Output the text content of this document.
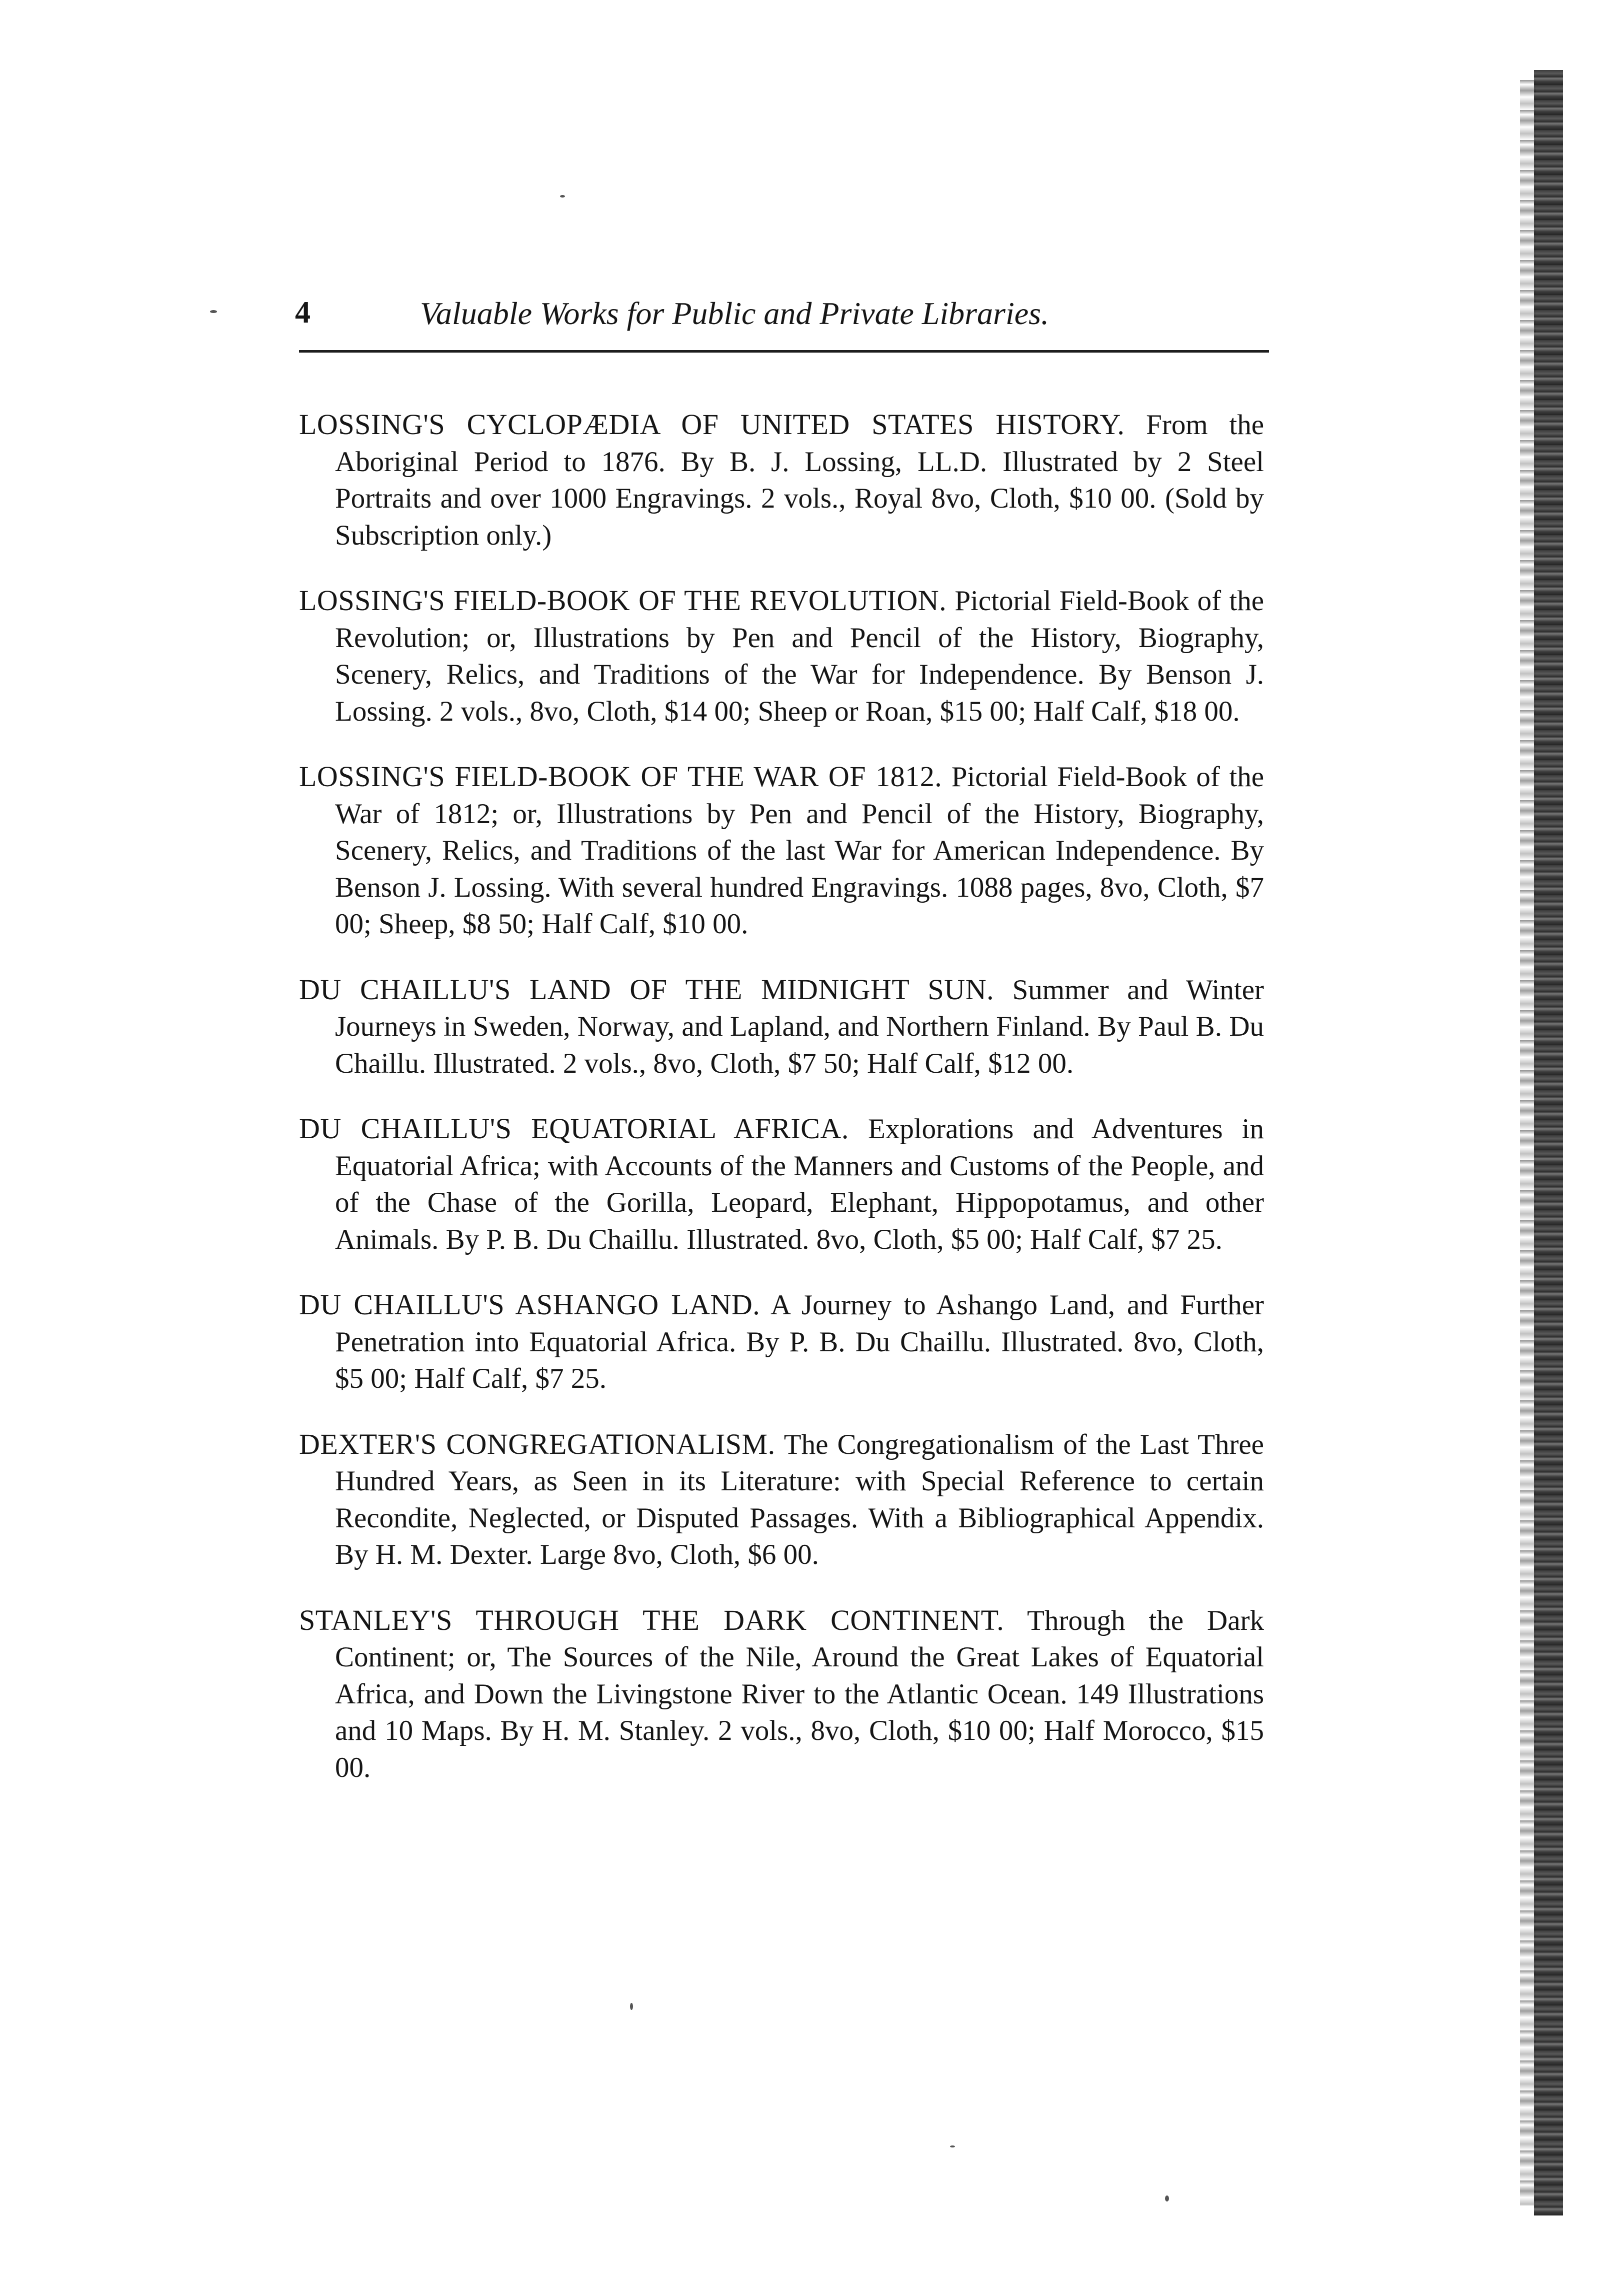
4	Valuable Works for Public and Private Libraries.

LOSSING'S CYCLOPÆDIA OF UNITED STATES HISTORY. From the Aboriginal Period to 1876. By B. J. Lossing, LL.D. Illustrated by 2 Steel Portraits and over 1000 Engravings. 2 vols., Royal 8vo, Cloth, $10 00. (Sold by Subscription only.)

LOSSING'S FIELD-BOOK OF THE REVOLUTION. Pictorial Field-Book of the Revolution; or, Illustrations by Pen and Pencil of the History, Biography, Scenery, Relics, and Traditions of the War for Independence. By Benson J. Lossing. 2 vols., 8vo, Cloth, $14 00; Sheep or Roan, $15 00; Half Calf, $18 00.

LOSSING'S FIELD-BOOK OF THE WAR OF 1812. Pictorial Field-Book of the War of 1812; or, Illustrations by Pen and Pencil of the History, Biography, Scenery, Relics, and Traditions of the last War for American Independence. By Benson J. Lossing. With several hundred Engravings. 1088 pages, 8vo, Cloth, $7 00; Sheep, $8 50; Half Calf, $10 00.

DU CHAILLU'S LAND OF THE MIDNIGHT SUN. Summer and Winter Journeys in Sweden, Norway, and Lapland, and Northern Finland. By Paul B. Du Chaillu. Illustrated. 2 vols., 8vo, Cloth, $7 50; Half Calf, $12 00.

DU CHAILLU'S EQUATORIAL AFRICA. Explorations and Adventures in Equatorial Africa; with Accounts of the Manners and Customs of the People, and of the Chase of the Gorilla, Leopard, Elephant, Hippopotamus, and other Animals. By P. B. Du Chaillu. Illustrated. 8vo, Cloth, $5 00; Half Calf, $7 25.

DU CHAILLU'S ASHANGO LAND. A Journey to Ashango Land, and Further Penetration into Equatorial Africa. By P. B. Du Chaillu. Illustrated. 8vo, Cloth, $5 00; Half Calf, $7 25.

DEXTER'S CONGREGATIONALISM. The Congregationalism of the Last Three Hundred Years, as Seen in its Literature: with Special Reference to certain Recondite, Neglected, or Disputed Passages. With a Bibliographical Appendix. By H. M. Dexter. Large 8vo, Cloth, $6 00.

STANLEY'S THROUGH THE DARK CONTINENT. Through the Dark Continent; or, The Sources of the Nile, Around the Great Lakes of Equatorial Africa, and Down the Livingstone River to the Atlantic Ocean. 149 Illustrations and 10 Maps. By H. M. Stanley. 2 vols., 8vo, Cloth, $10 00; Half Morocco, $15 00.
